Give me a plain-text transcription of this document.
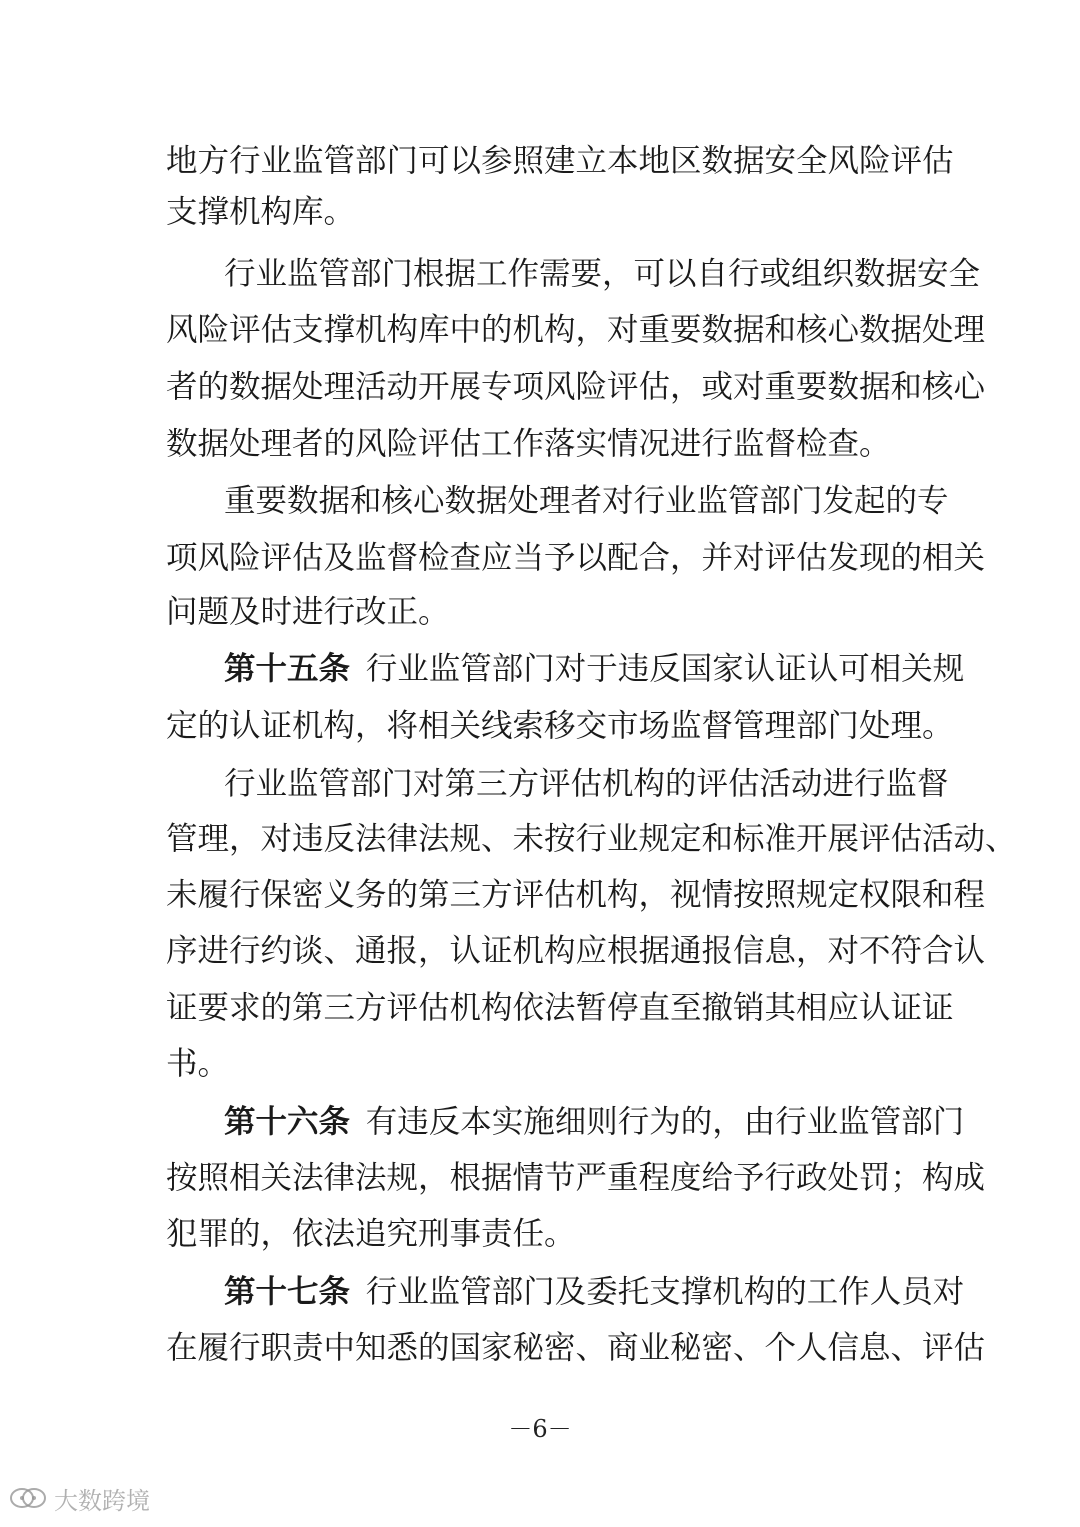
地方行业监管部门可以参照建立本地区数据安全风险评估
支撑机构库。
行业监管部门根据工作需要，可以自行或组织数据安全
风险评估支撑机构库中的机构，对重要数据和核心数据处理
者的数据处理活动开展专项风险评估，或对重要数据和核心
数据处理者的风险评估工作落实情况进行监督检查。
重要数据和核心数据处理者对行业监管部门发起的专
项风险评估及监督检查应当予以配合，并对评估发现的相关
问题及时进行改正。
第十五条  行业监管部门对于违反国家认证认可相关规
定的认证机构，将相关线索移交市场监督管理部门处理。
行业监管部门对第三方评估机构的评估活动进行监督
管理，对违反法律法规、未按行业规定和标准开展评估活动、
未履行保密义务的第三方评估机构，视情按照规定权限和程
序进行约谈、通报，认证机构应根据通报信息，对不符合认
证要求的第三方评估机构依法暂停直至撤销其相应认证证
书。
第十六条  有违反本实施细则行为的，由行业监管部门
按照相关法律法规，根据情节严重程度给予行政处罚；构成
犯罪的，依法追究刑事责任。
第十七条  行业监管部门及委托支撑机构的工作人员对
在履行职责中知悉的国家秘密、商业秘密、个人信息、评估
－6－
大数跨境
